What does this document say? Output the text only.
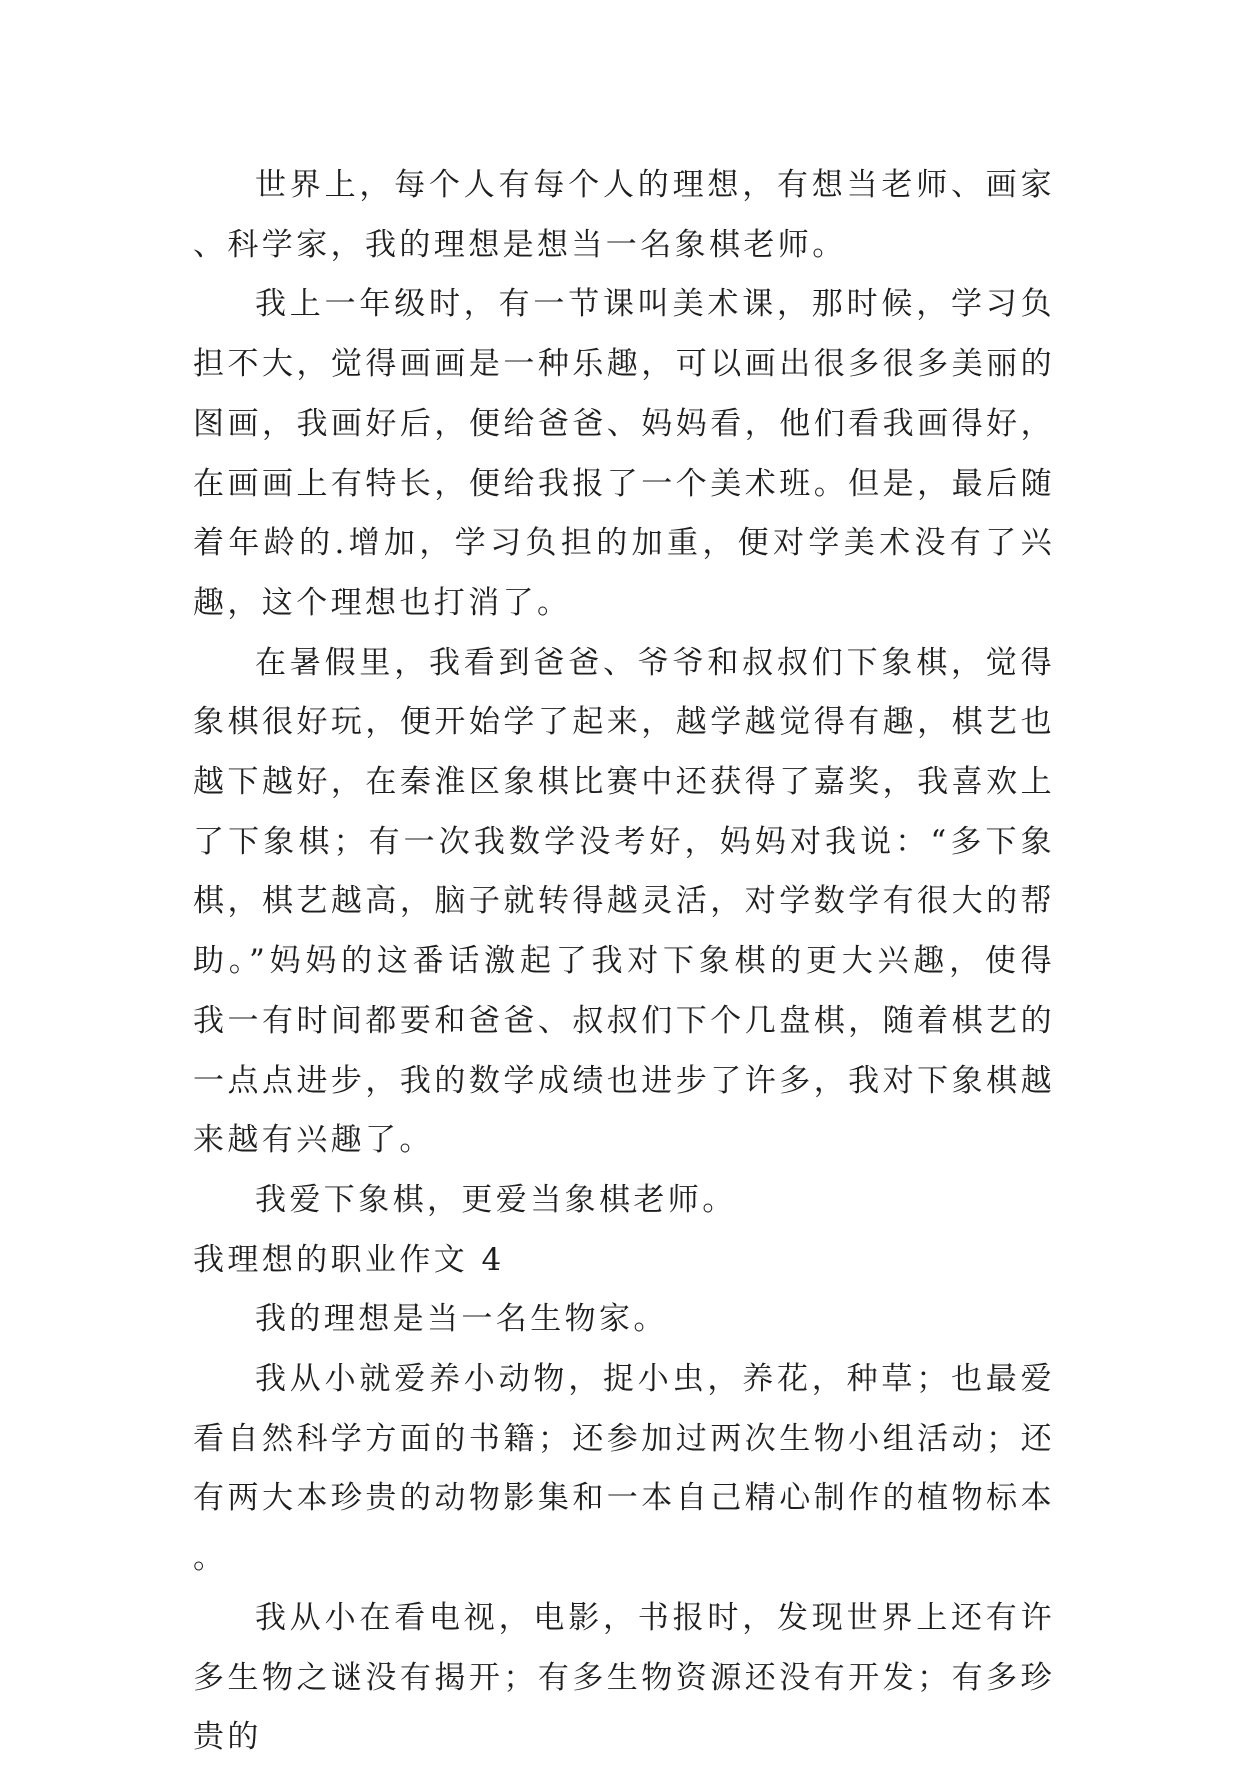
世界上，每个人有每个人的理想，有想当老师、画家、科学家，我的理想是想当一名象棋老师。

我上一年级时，有一节课叫美术课，那时候，学习负担不大，觉得画画是一种乐趣，可以画出很多很多美丽的图画，我画好后，便给爸爸、妈妈看，他们看我画得好，在画画上有特长，便给我报了一个美术班。但是，最后随着年龄的.增加，学习负担的加重，便对学美术没有了兴趣，这个理想也打消了。

在暑假里，我看到爸爸、爷爷和叔叔们下象棋，觉得象棋很好玩，便开始学了起来，越学越觉得有趣，棋艺也越下越好，在秦淮区象棋比赛中还获得了嘉奖，我喜欢上了下象棋；有一次我数学没考好，妈妈对我说：“多下象棋，棋艺越高，脑子就转得越灵活，对学数学有很大的帮助。”妈妈的这番话激起了我对下象棋的更大兴趣，使得我一有时间都要和爸爸、叔叔们下个几盘棋，随着棋艺的一点点进步，我的数学成绩也进步了许多，我对下象棋越来越有兴趣了。

我爱下象棋，更爱当象棋老师。

我理想的职业作文 4

我的理想是当一名生物家。

我从小就爱养小动物，捉小虫，养花，种草；也最爱看自然科学方面的书籍；还参加过两次生物小组活动；还有两大本珍贵的动物影集和一本自己精心制作的植物标本。

我从小在看电视，电影，书报时，发现世界上还有许多生物之谜没有揭开；有多生物资源还没有开发；有多珍贵的
